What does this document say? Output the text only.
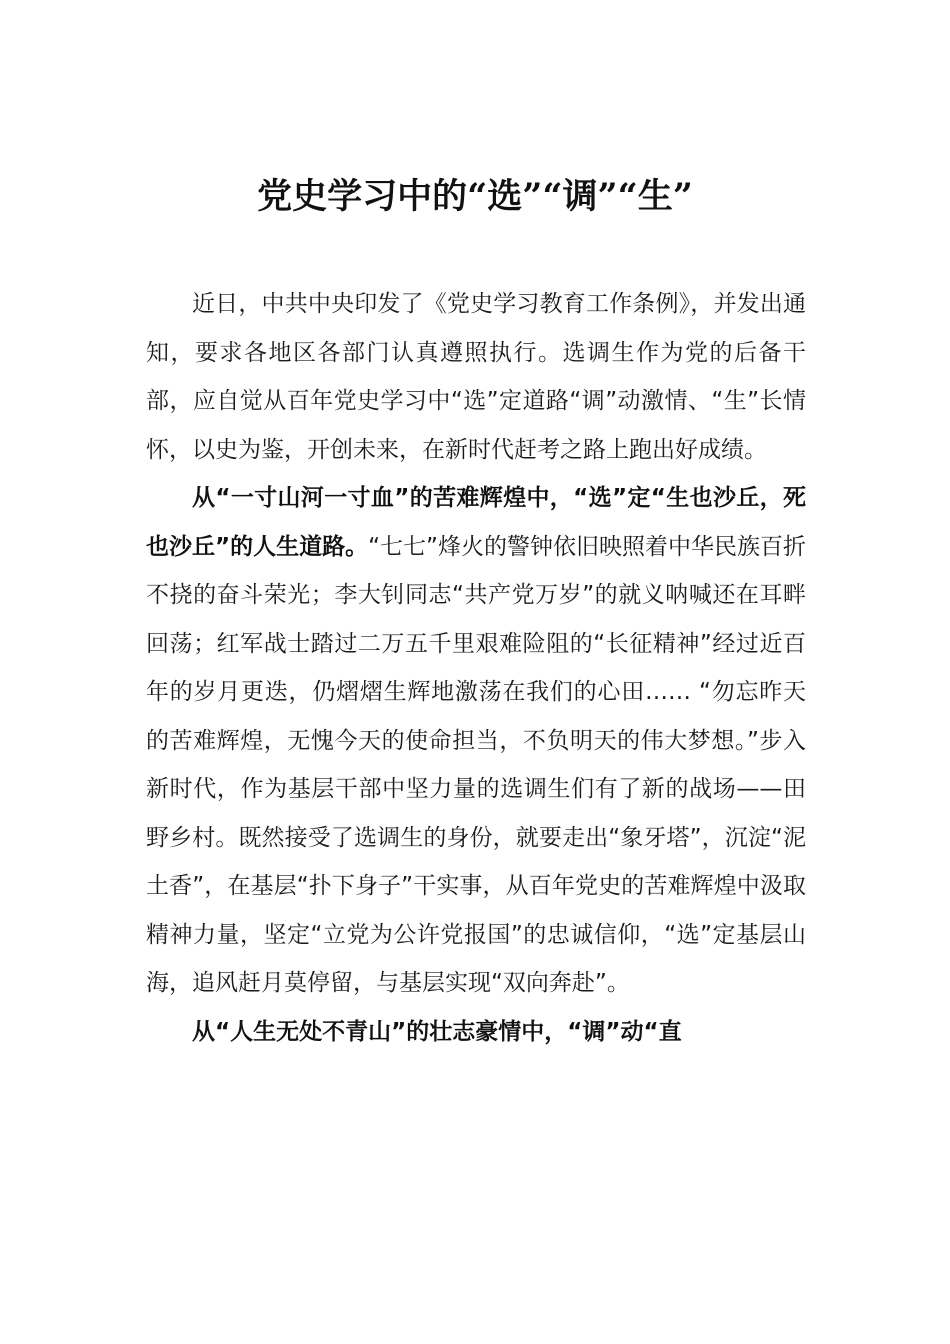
党史学习中的“选”“调”“生”

近日，中共中央印发了《党史学习教育工作条例》，并发出通知，要求各地区各部门认真遵照执行。选调生作为党的后备干部，应自觉从百年党史学习中“选”定道路“调”动激情、“生”长情怀，以史为鉴，开创未来，在新时代赶考之路上跑出好成绩。

从“一寸山河一寸血”的苦难辉煌中，“选”定“生也沙丘，死也沙丘”的人生道路。“七七”烽火的警钟依旧映照着中华民族百折不挠的奋斗荣光；李大钊同志“共产党万岁”的就义呐喊还在耳畔回荡；红军战士踏过二万五千里艰难险阻的“长征精神”经过近百年的岁月更迭，仍熠熠生辉地激荡在我们的心田…… “勿忘昨天的苦难辉煌，无愧今天的使命担当，不负明天的伟大梦想。”步入新时代，作为基层干部中坚力量的选调生们有了新的战场——田野乡村。既然接受了选调生的身份，就要走出“象牙塔”，沉淀“泥土香”，在基层“扑下身子”干实事，从百年党史的苦难辉煌中汲取精神力量，坚定“立党为公许党报国”的忠诚信仰，“选”定基层山海，追风赶月莫停留，与基层实现“双向奔赴”。

从“人生无处不青山”的壮志豪情中，“调”动“直
